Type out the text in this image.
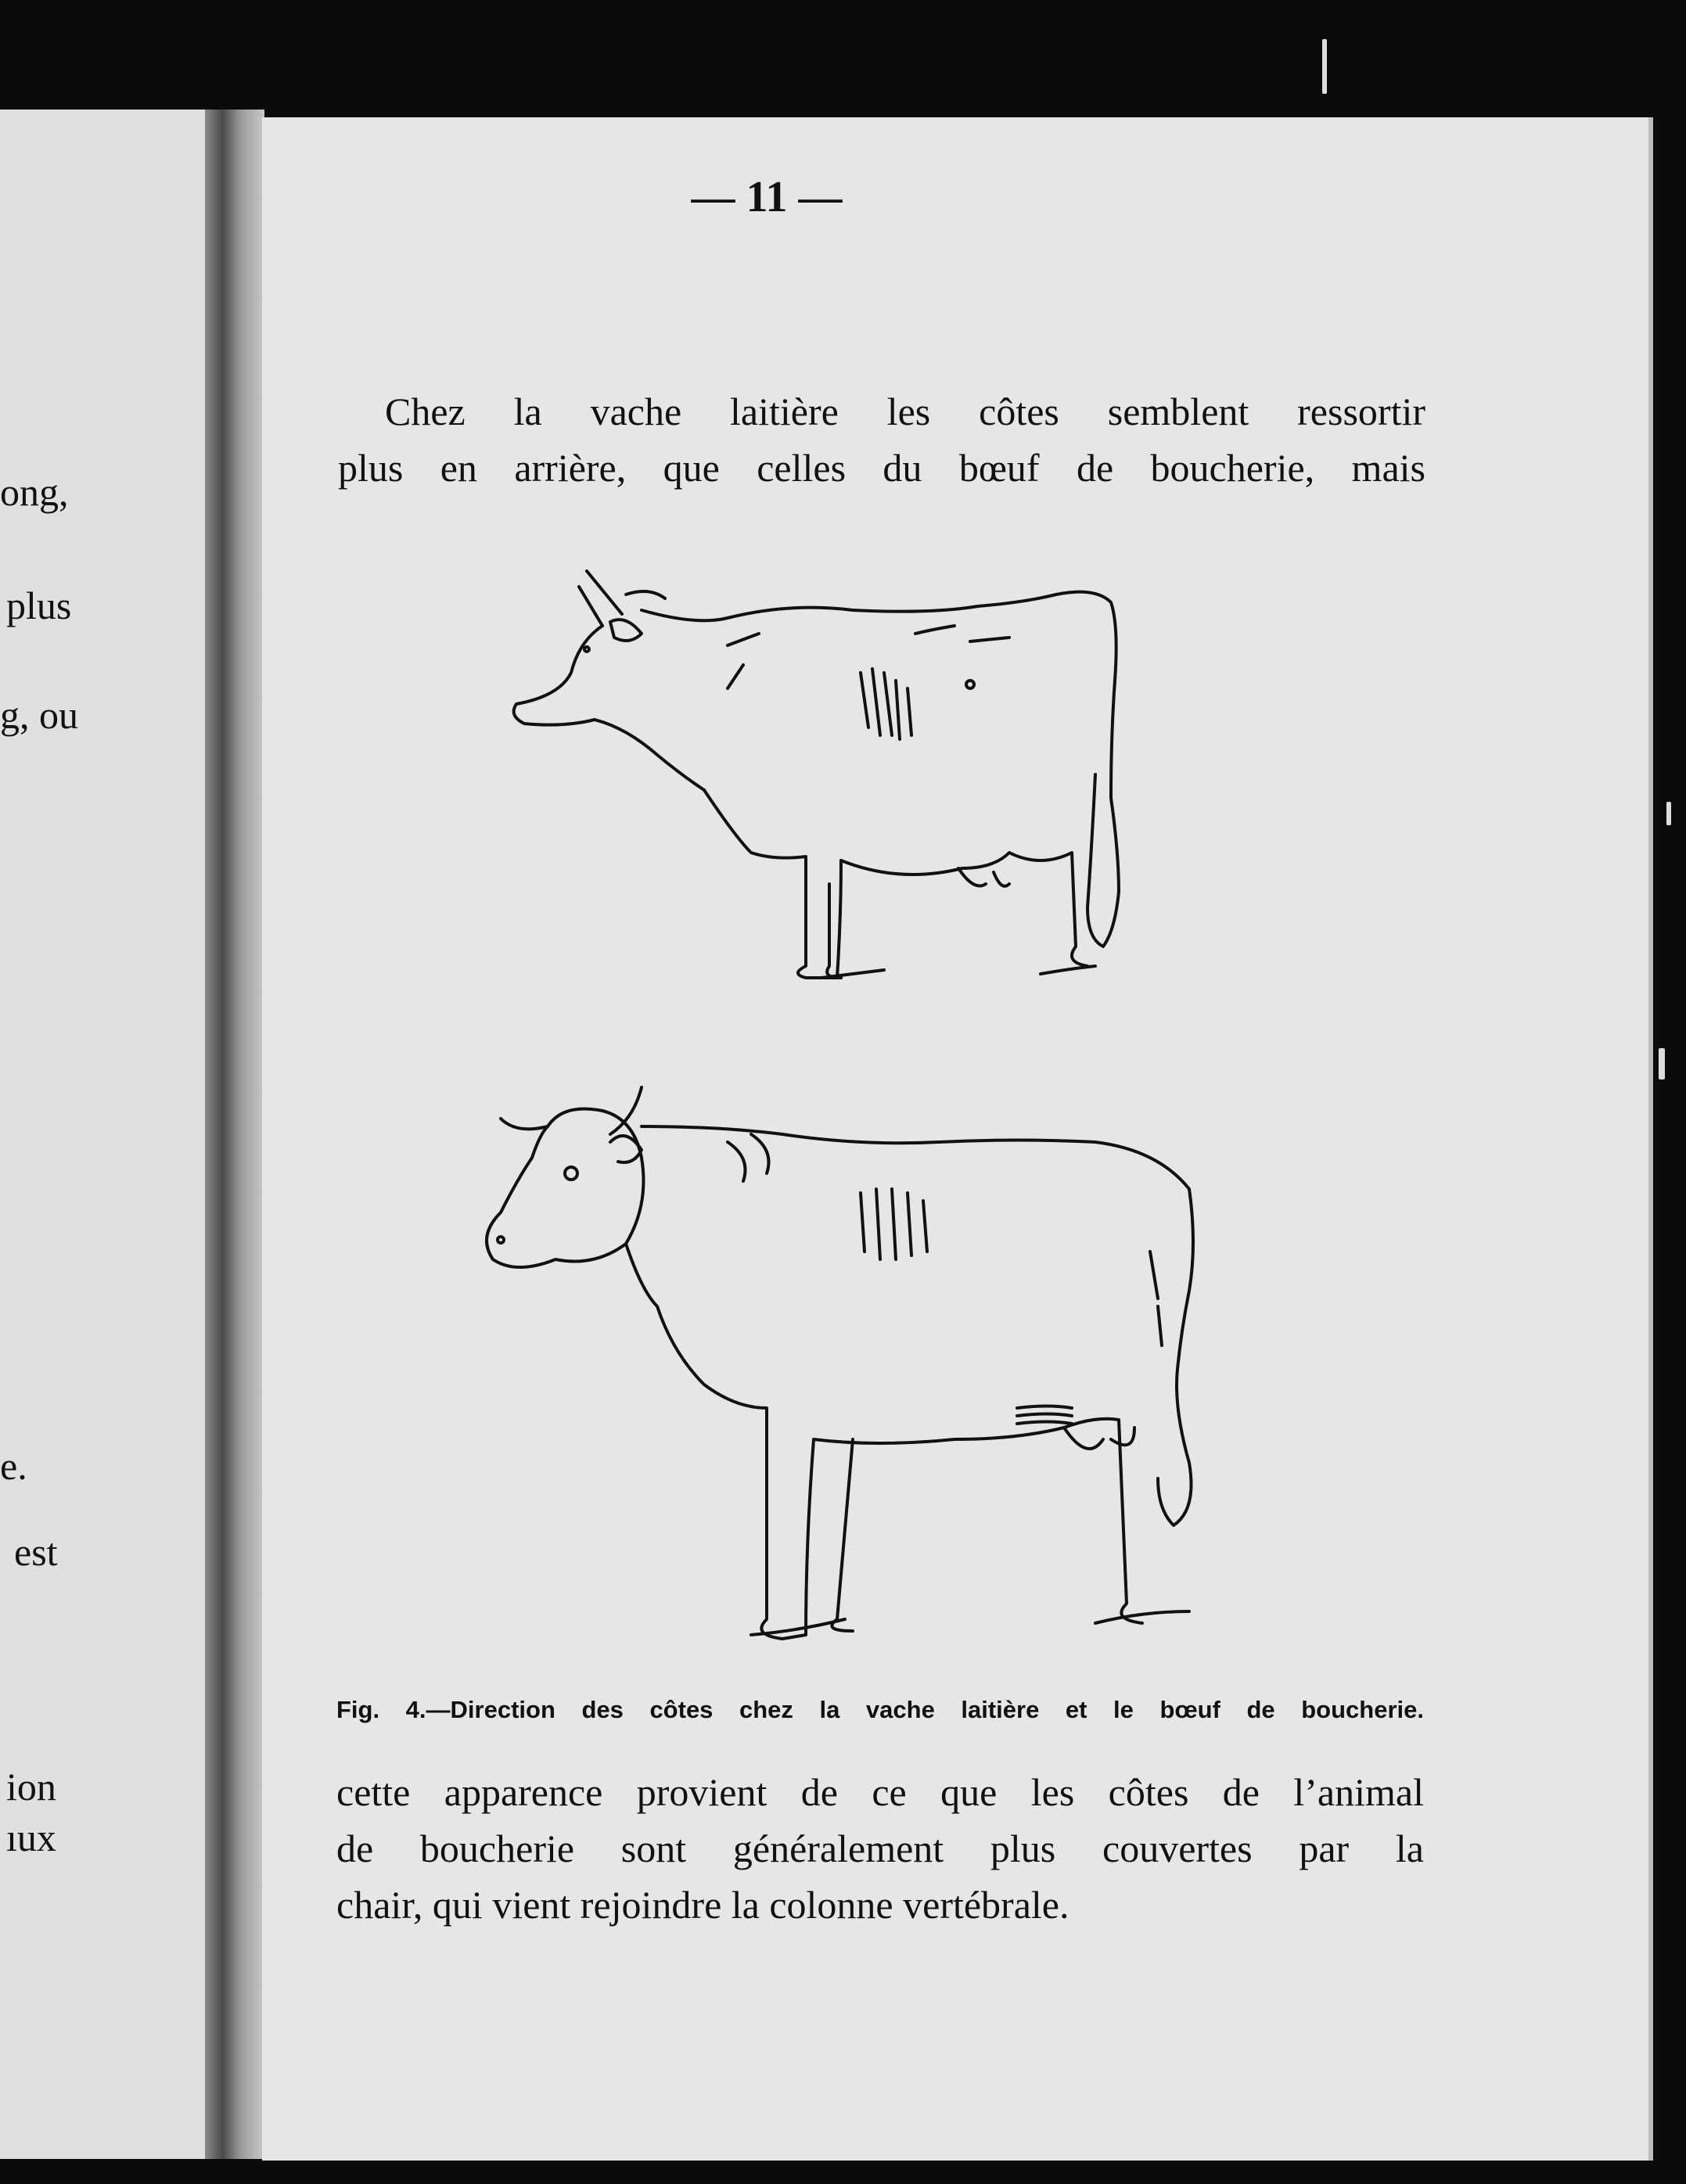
ong,
plus
g, ou
e.
est
ion
ıux
— 11 —
Chez la vache laitière les côtes semblent ressortir
plus en arrière, que celles du bœuf de boucherie, mais
Fig. 4.—Direction des côtes chez la vache laitière et le bœuf de boucherie.
cette apparence provient de ce que les côtes de l’animal
de boucherie sont généralement plus couvertes par la
chair, qui vient rejoindre la colonne vertébrale.
